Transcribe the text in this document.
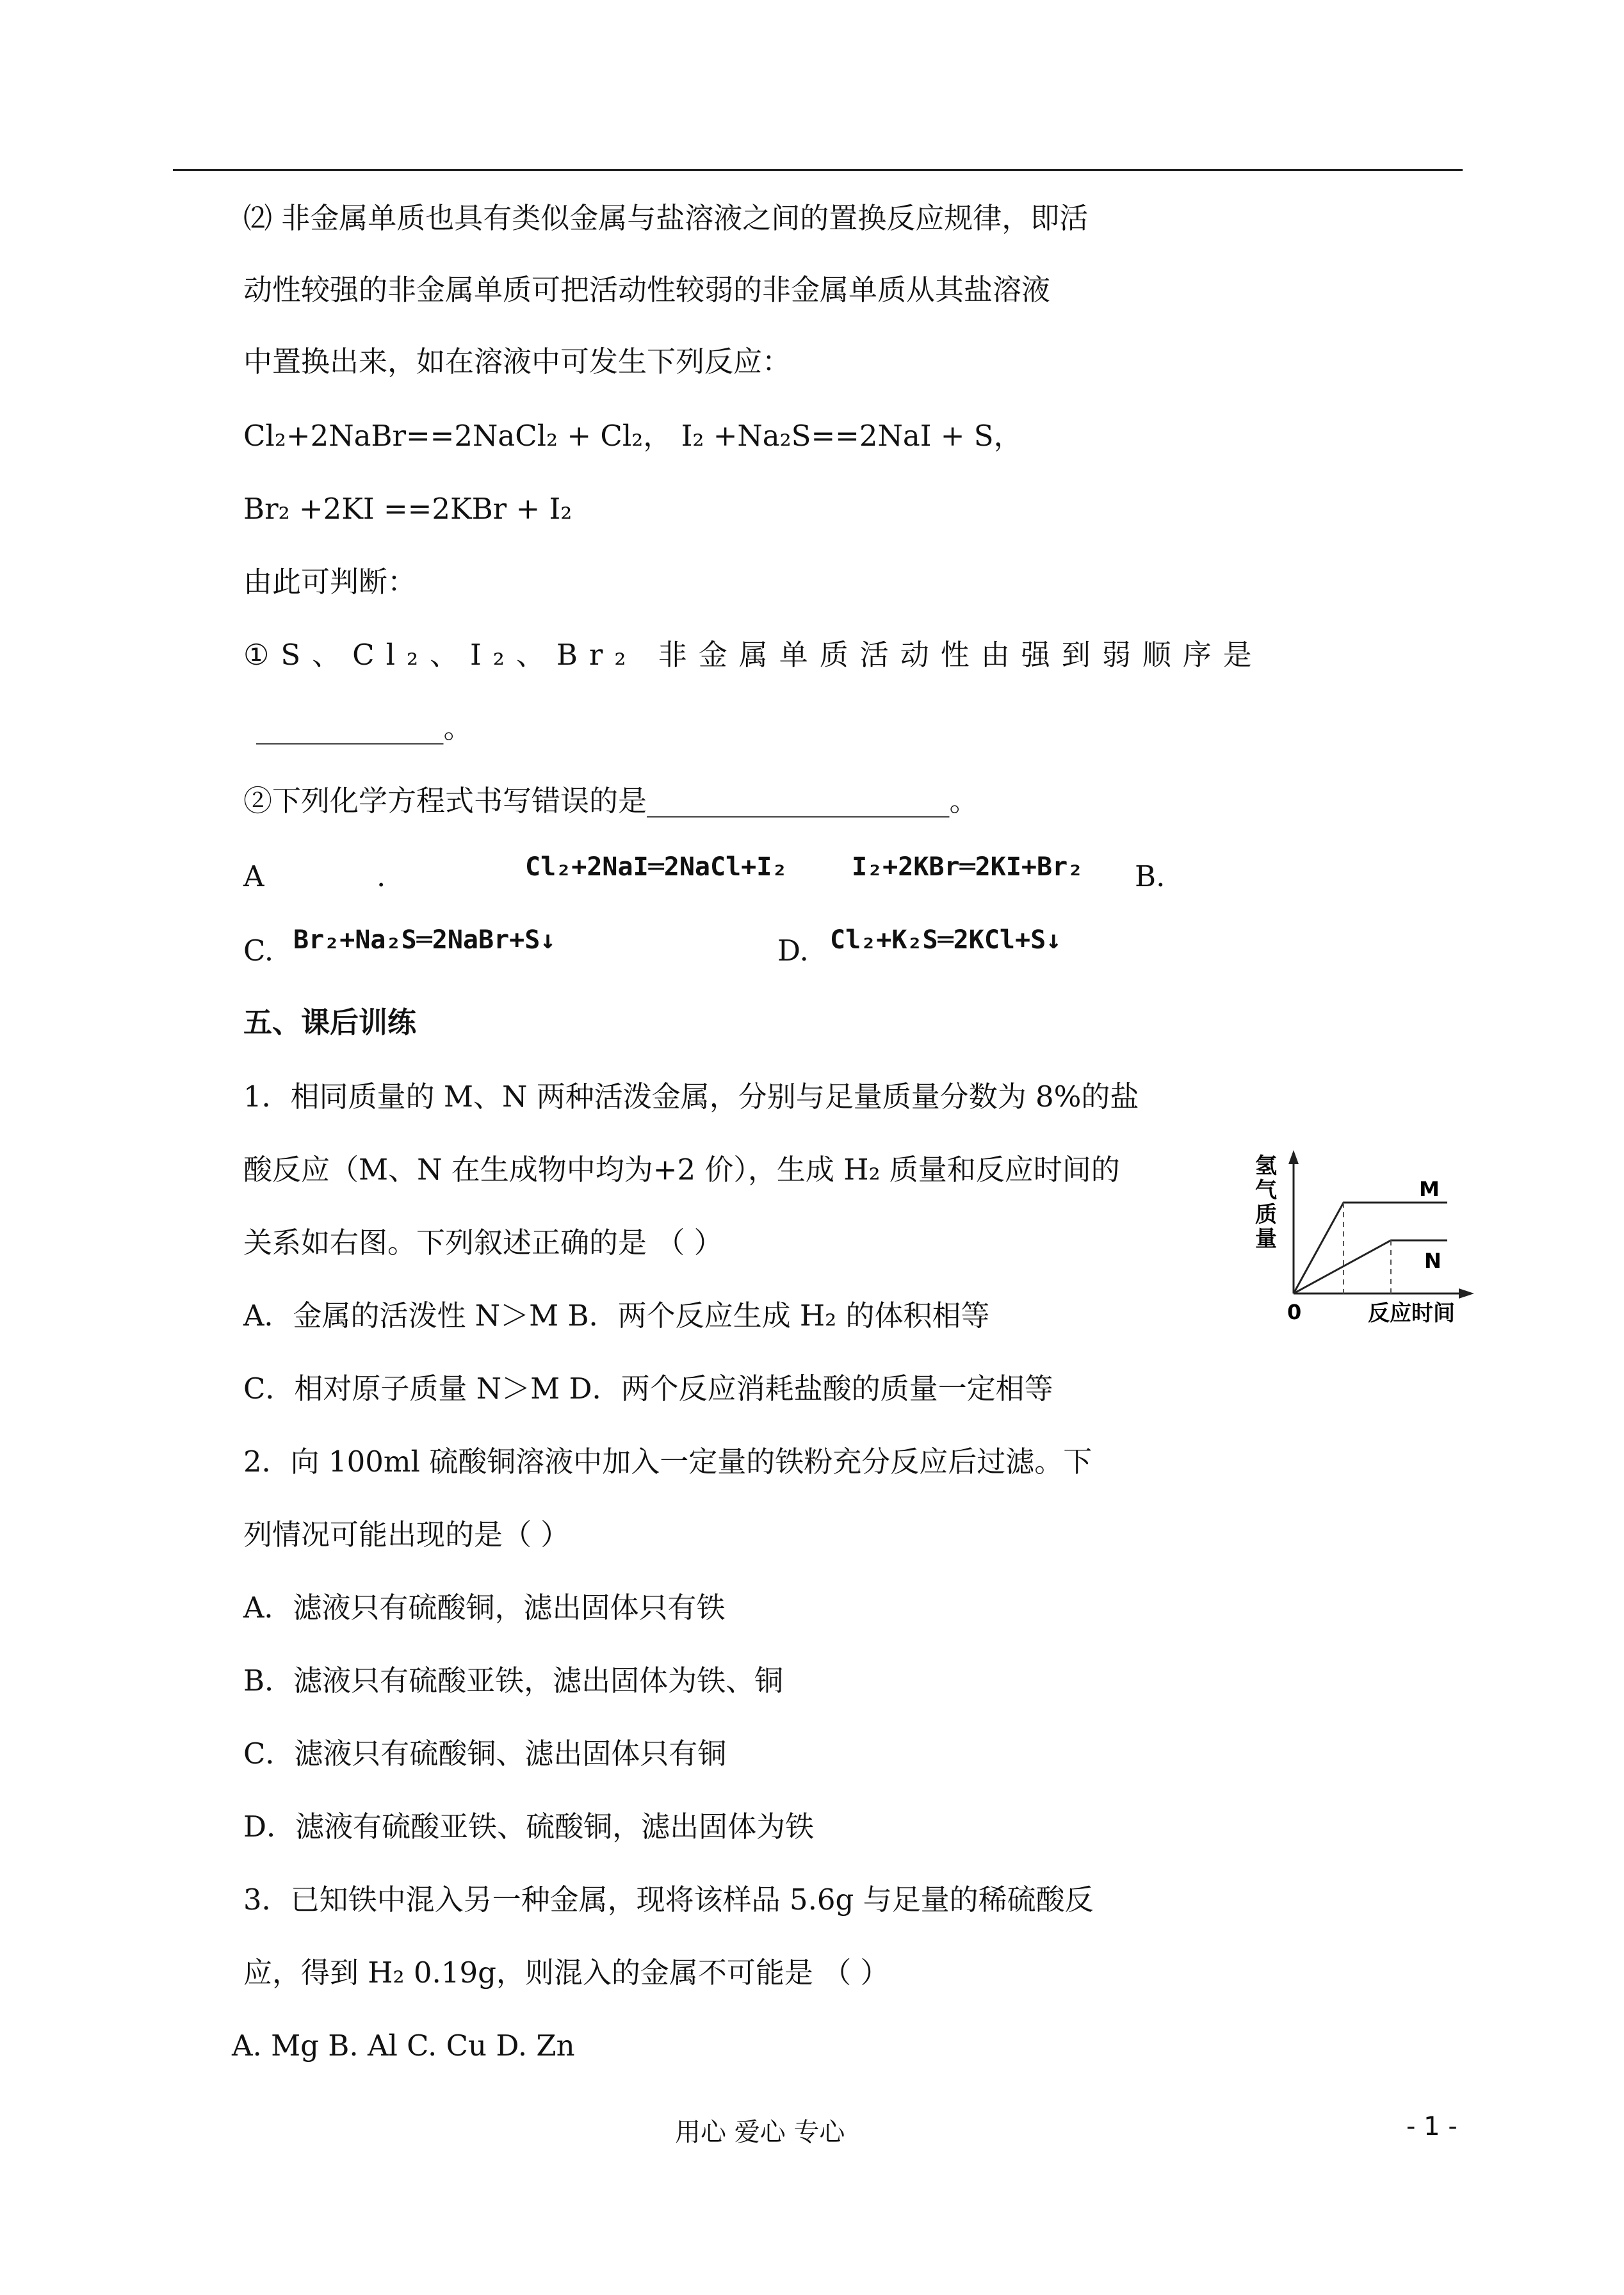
⑵ 非金属单质也具有类似金属与盐溶液之间的置换反应规律，即活
动性较强的非金属单质可把活动性较弱的非金属单质从其盐溶液
中置换出来，如在溶液中可发生下列反应：
Cl₂+2NaBr==2NaCl₂ + Cl₂， I₂ +Na₂S==2NaI + S，
Br₂ +2KI ==2KBr + I₂
由此可判断：
①S、Cl₂、I₂、Br₂ 非金属单质活动性由强到弱顺序是
_____________。
②下列化学方程式书写错误的是_____________________。
A	.	Cl₂+2NaI═2NaCl+I₂	I₂+2KBr═2KI+Br₂ B.
C. Br₂+Na₂S═2NaBr+S↓	D. Cl₂+K₂S═2KCl+S↓
五、课后训练
1．相同质量的 M、N 两种活泼金属，分别与足量质量分数为 8%的盐
酸反应（M、N 在生成物中均为+2 价），生成 H₂ 质量和反应时间的
关系如右图。下列叙述正确的是 （ ）
A．金属的活泼性 N＞M B．两个反应生成 H₂ 的体积相等
C．相对原子质量 N＞M D．两个反应消耗盐酸的质量一定相等
2．向 100ml 硫酸铜溶液中加入一定量的铁粉充分反应后过滤。下
列情况可能出现的是（ ）
A．滤液只有硫酸铜，滤出固体只有铁
B．滤液只有硫酸亚铁，滤出固体为铁、铜
C．滤液只有硫酸铜、滤出固体只有铜
D．滤液有硫酸亚铁、硫酸铜，滤出固体为铁
3．已知铁中混入另一种金属，现将该样品 5.6g 与足量的稀硫酸反
应，得到 H₂ 0.19g，则混入的金属不可能是 （ ）
A. Mg B. Al C. Cu D. Zn
氢
气
质
量
0	反应时间
M
N
用心 爱心 专心	- 1 -
